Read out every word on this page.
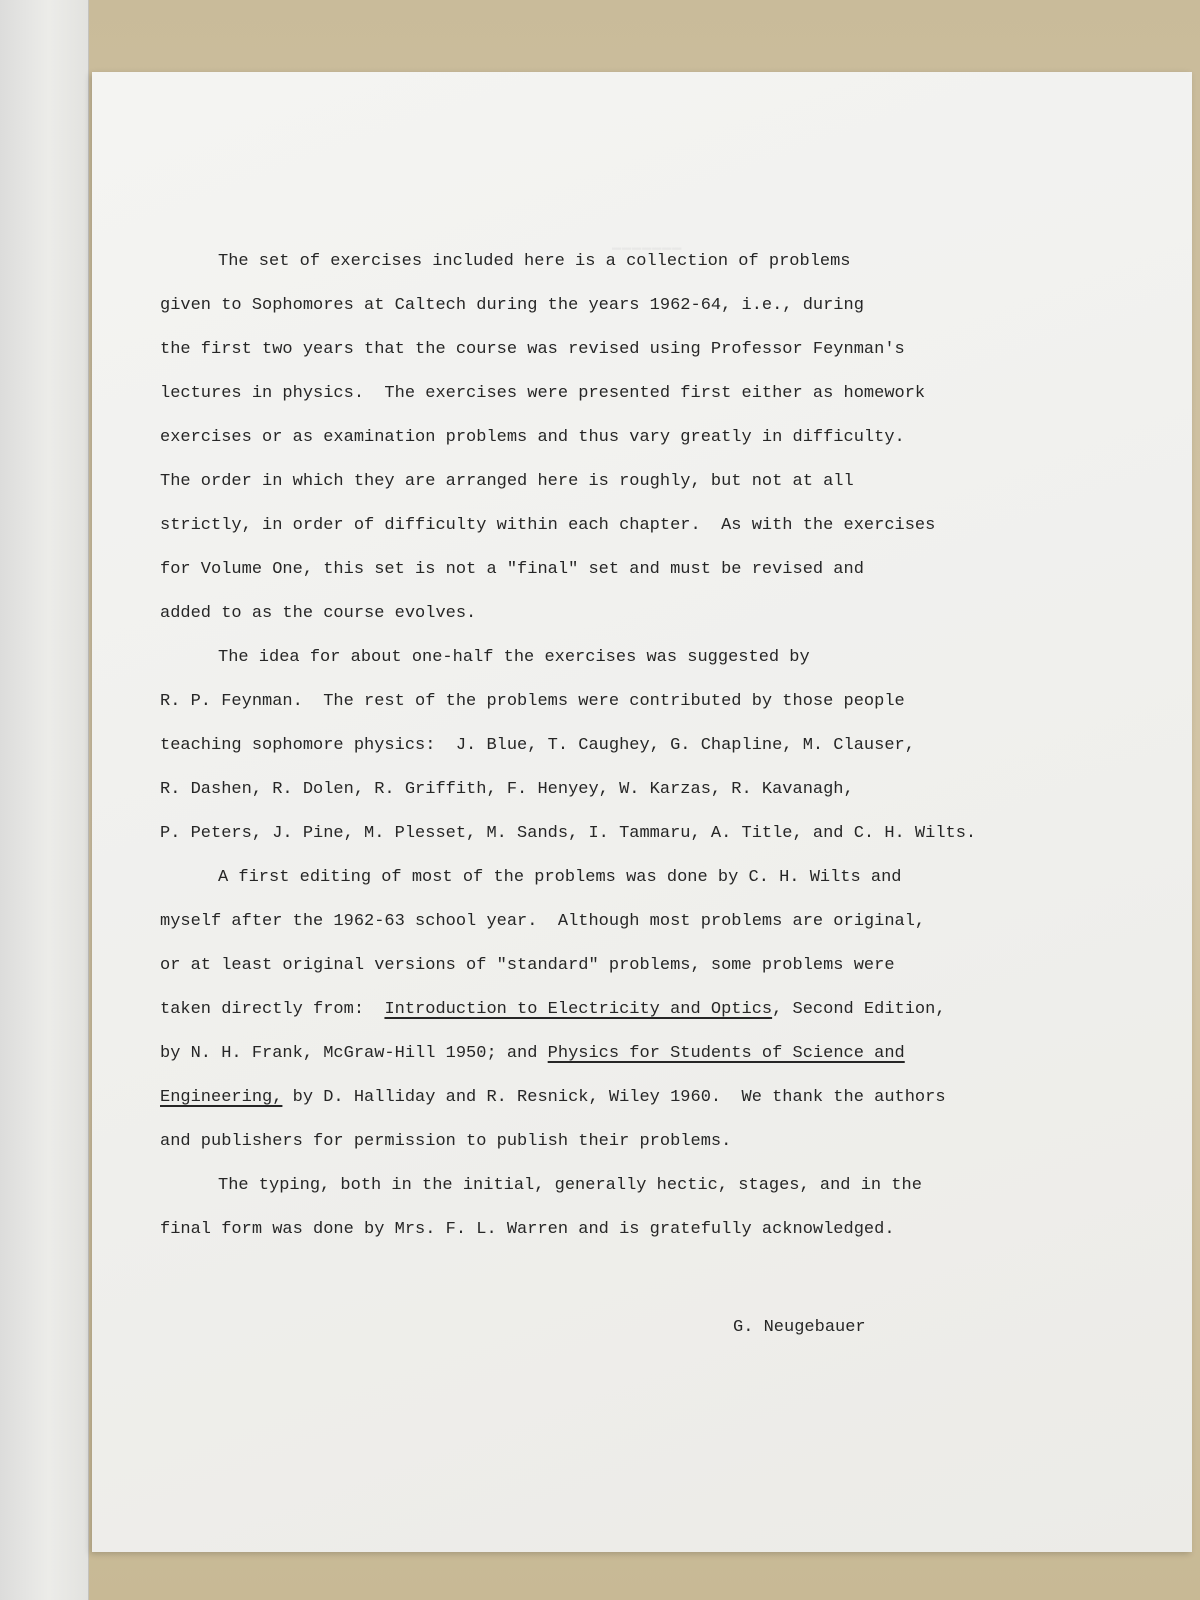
▁▁▁▁▁▁▁

The set of exercises included here is a collection of problems
given to Sophomores at Caltech during the years 1962-64, i.e., during
the first two years that the course was revised using Professor Feynman's
lectures in physics.  The exercises were presented first either as homework
exercises or as examination problems and thus vary greatly in difficulty.
The order in which they are arranged here is roughly, but not at all
strictly, in order of difficulty within each chapter.  As with the exercises
for Volume One, this set is not a "final" set and must be revised and
added to as the course evolves.

The idea for about one-half the exercises was suggested by
R. P. Feynman.  The rest of the problems were contributed by those people
teaching sophomore physics:  J. Blue, T. Caughey, G. Chapline, M. Clauser,
R. Dashen, R. Dolen, R. Griffith, F. Henyey, W. Karzas, R. Kavanagh,
P. Peters, J. Pine, M. Plesset, M. Sands, I. Tammaru, A. Title, and C. H. Wilts.

A first editing of most of the problems was done by C. H. Wilts and
myself after the 1962-63 school year.  Although most problems are original,
or at least original versions of "standard" problems, some problems were
taken directly from:  Introduction to Electricity and Optics, Second Edition,
by N. H. Frank, McGraw-Hill 1950; and Physics for Students of Science and
Engineering, by D. Halliday and R. Resnick, Wiley 1960.  We thank the authors
and publishers for permission to publish their problems.

The typing, both in the initial, generally hectic, stages, and in the
final form was done by Mrs. F. L. Warren and is gratefully acknowledged.

G. Neugebauer
